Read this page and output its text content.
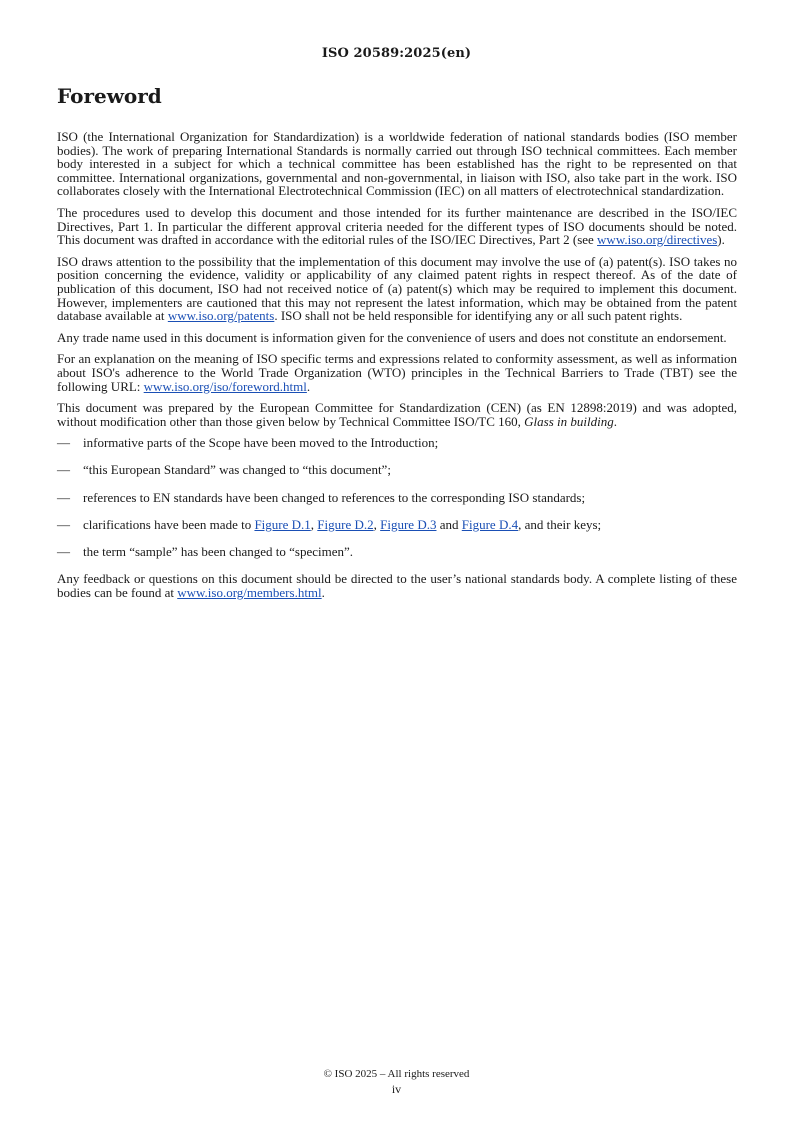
ISO 20589:2025(en)
Foreword

ISO (the International Organization for Standardization) is a worldwide federation of national standards bodies (ISO member bodies). The work of preparing International Standards is normally carried out through ISO technical committees. Each member body interested in a subject for which a technical committee has been established has the right to be represented on that committee. International organizations, governmental and non-governmental, in liaison with ISO, also take part in the work. ISO collaborates closely with the International Electrotechnical Commission (IEC) on all matters of electrotechnical standardization.

The procedures used to develop this document and those intended for its further maintenance are described in the ISO/IEC Directives, Part 1. In particular the different approval criteria needed for the different types of ISO documents should be noted. This document was drafted in accordance with the editorial rules of the ISO/IEC Directives, Part 2 (see www.iso.org/directives).

ISO draws attention to the possibility that the implementation of this document may involve the use of (a) patent(s). ISO takes no position concerning the evidence, validity or applicability of any claimed patent rights in respect thereof. As of the date of publication of this document, ISO had not received notice of (a) patent(s) which may be required to implement this document. However, implementers are cautioned that this may not represent the latest information, which may be obtained from the patent database available at www.iso.org/patents. ISO shall not be held responsible for identifying any or all such patent rights.

Any trade name used in this document is information given for the convenience of users and does not constitute an endorsement.

For an explanation on the meaning of ISO specific terms and expressions related to conformity assessment, as well as information about ISO's adherence to the World Trade Organization (WTO) principles in the Technical Barriers to Trade (TBT) see the following URL: www.iso.org/iso/foreword.html.

This document was prepared by the European Committee for Standardization (CEN) (as EN 12898:2019) and was adopted, without modification other than those given below by Technical Committee ISO/TC 160, Glass in building.

— informative parts of the Scope have been moved to the Introduction;
— “this European Standard” was changed to “this document”;
— references to EN standards have been changed to references to the corresponding ISO standards;
— clarifications have been made to Figure D.1, Figure D.2, Figure D.3 and Figure D.4, and their keys;
— the term “sample” has been changed to “specimen”.

Any feedback or questions on this document should be directed to the user’s national standards body. A complete listing of these bodies can be found at www.iso.org/members.html.

© ISO 2025 – All rights reserved
iv
